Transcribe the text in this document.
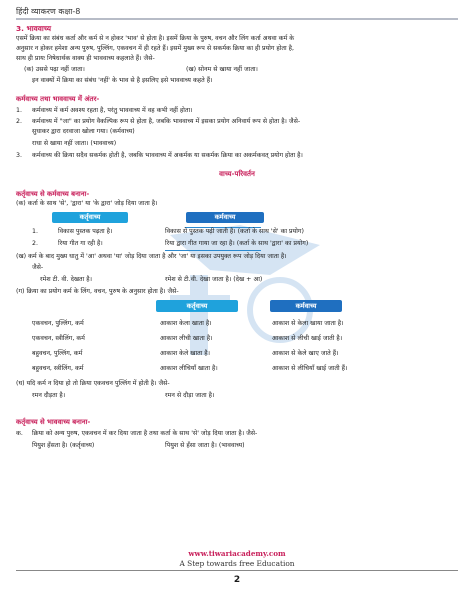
हिंदी व्याकरण कक्षा-8
3. भाववाच्य
एसमें क्रिया का संबंध कर्ता और कर्म से न होकर 'भाव' से होता है। इसमें क्रिया के पुरुष, वचन और लिंग कर्ता अथवा कर्म के
अनुसार न होकर हमेशा अन्य पुरुष, पुल्लिंग, एकवचन में ही रहते हैं। इसमें मुख्य रूप से सकर्मक क्रिया का ही प्रयोग होता है,
साथ ही प्रायः निषेधार्थक वाक्य ही भाववाच्य कहलाते हैं। जैसे-
(क) उससे पढ़ा नहीं जाता।	(ख) सोनम से खाया नहीं जाता।
इन वाक्यों में क्रिया का संबंध 'नहीं' के भाव से है इसलिए इसे भाववाच्य कहते हैं।
कर्मवाच्य तथा भाववाच्य में अंतर-
1. कर्मवाच्य में कर्म अवश्य रहता है, परंतु भाववाच्य में वह कभी नहीं होता।
2. कर्मवाच्य में "जा" का प्रयोग वैकल्पिक रूप से होता है, जबकि भाववाच्य में इसका प्रयोग अनिवार्य रूप से होता है। जैसे-
सुधाकर द्वारा दरवाजा खोला गया। (कर्मवाच्य)
राधा से खाया नहीं जाता। (भाववाच्य)
3. कर्मवाच्य की क्रिया सदैव सकर्मक होती है, जबकि भाववाच्य में अकर्मक या सकर्मक क्रिया का अकर्मकवत् प्रयोग होता है।
वाच्य-परिवर्तन
कर्तृवाच्य से कर्मवाच्य बनाना-
(क) कर्ता के साथ 'से', 'द्वारा' या 'के द्वारा' जोड़ दिया जाता है।
कर्तृवाच्य	कर्मवाच्य
1.	विकास पुस्तक पढ़ता है।	विकास से पुस्तक पढ़ी जाती है। (कर्ता के साथ 'से' का प्रयोग)
2.	रिया गीत गा रही है।	रिया द्वारा गीत गाया जा रहा है। (कर्ता के साथ 'द्वारा' का प्रयोग)
(ख) कर्म के बाद मुख्य धातु में 'आ' अथवा 'या' जोड़ दिया जाता है और 'जा' या इसका उपयुक्त रूप जोड़ दिया जाता है।
जैसे-
रमेश टी. वी. देखता है।	रमेश से टी.वी. देखा जाता है। (देख + आ)
(ग) क्रिया का प्रयोग कर्म के लिंग, वचन, पुरुष के अनुसार होता है। जैसे-
कर्तृवाच्य	कर्मवाच्य
एकवचन, पुल्लिंग, कर्म	आकाश केला खाता है।	आकाश से केला खाया जाता है।
एकवचन, स्त्रीलिंग, कर्म	आकाश लीची खाता है।	आकाश से लीची खाई जाती है।
बहुवचन, पुल्लिंग, कर्म	आकाश केले खाता है।	आकाश से केले खाए जाते हैं।
बहुवचन, स्त्रीलिंग, कर्म	आकाश लीचियाँ खाता है।	आकाश से लीचियाँ खाई जाती हैं।
(घ) यदि कर्म न दिया हो तो क्रिया एकवचन पुल्लिंग में होती है। जैसे-
रमन दौड़ता है।	रमन से दौड़ा जाता है।
कर्तृवाच्य से भाववाच्य बनाना-
क. क्रिया को अन्य पुरुष, एकवचन में कर दिया जाता है तथा कर्ता के साथ 'से' जोड़ दिया जाता है। जैसे-
पियुश हँसता है। (कर्तृवाच्य)	पियुश से हँसा जाता है। (भाववाच्य)
www.tiwariacademy.com
A Step towards free Education
2
